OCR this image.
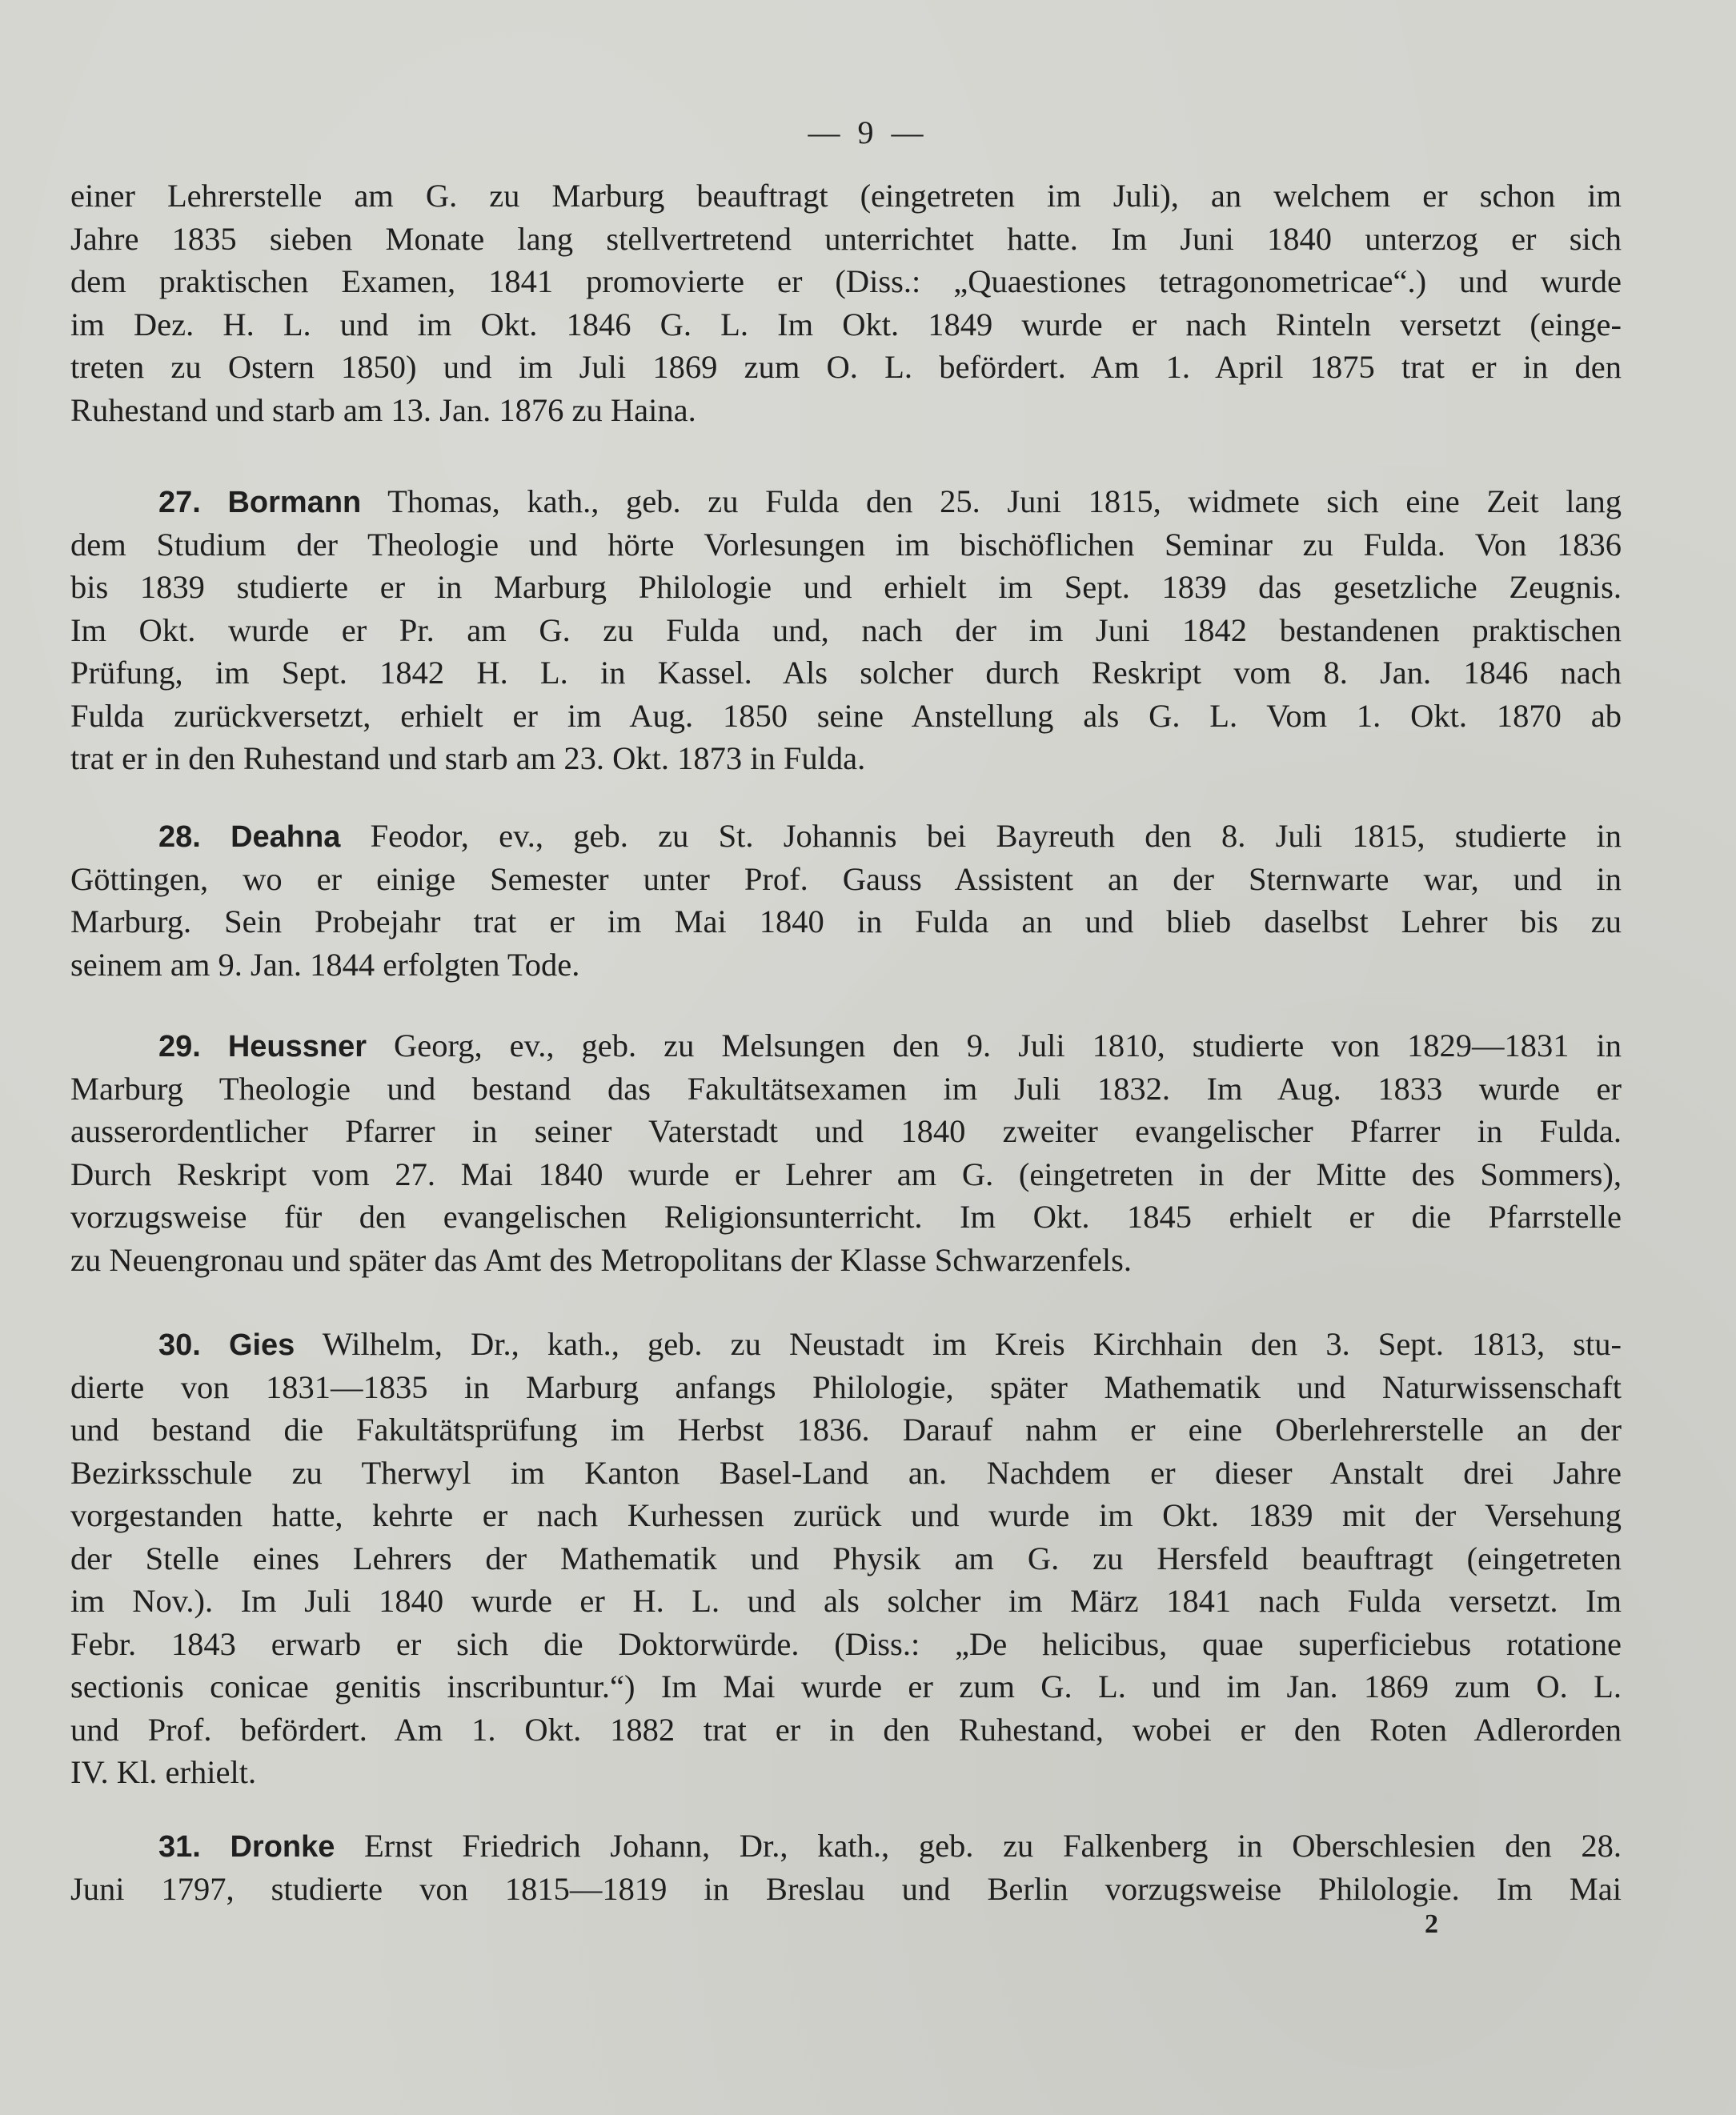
— 9 —
einer Lehrerstelle am G. zu Marburg beauftragt (eingetreten im Juli), an welchem er schon im
Jahre 1835 sieben Monate lang stellvertretend unterrichtet hatte. Im Juni 1840 unterzog er sich
dem praktischen Examen, 1841 promovierte er (Diss.: „Quaestiones tetragonometricae“.) und wurde
im Dez. H. L. und im Okt. 1846 G. L. Im Okt. 1849 wurde er nach Rinteln versetzt (einge-
treten zu Ostern 1850) und im Juli 1869 zum O. L. befördert. Am 1. April 1875 trat er in den
Ruhestand und starb am 13. Jan. 1876 zu Haina.
27. Bormann Thomas, kath., geb. zu Fulda den 25. Juni 1815, widmete sich eine Zeit lang
dem Studium der Theologie und hörte Vorlesungen im bischöflichen Seminar zu Fulda. Von 1836
bis 1839 studierte er in Marburg Philologie und erhielt im Sept. 1839 das gesetzliche Zeugnis.
Im Okt. wurde er Pr. am G. zu Fulda und, nach der im Juni 1842 bestandenen praktischen
Prüfung, im Sept. 1842 H. L. in Kassel. Als solcher durch Reskript vom 8. Jan. 1846 nach
Fulda zurückversetzt, erhielt er im Aug. 1850 seine Anstellung als G. L. Vom 1. Okt. 1870 ab
trat er in den Ruhestand und starb am 23. Okt. 1873 in Fulda.
28. Deahna Feodor, ev., geb. zu St. Johannis bei Bayreuth den 8. Juli 1815, studierte in
Göttingen, wo er einige Semester unter Prof. Gauss Assistent an der Sternwarte war, und in
Marburg. Sein Probejahr trat er im Mai 1840 in Fulda an und blieb daselbst Lehrer bis zu
seinem am 9. Jan. 1844 erfolgten Tode.
29. Heussner Georg, ev., geb. zu Melsungen den 9. Juli 1810, studierte von 1829—1831 in
Marburg Theologie und bestand das Fakultätsexamen im Juli 1832. Im Aug. 1833 wurde er
ausserordentlicher Pfarrer in seiner Vaterstadt und 1840 zweiter evangelischer Pfarrer in Fulda.
Durch Reskript vom 27. Mai 1840 wurde er Lehrer am G. (eingetreten in der Mitte des Sommers),
vorzugsweise für den evangelischen Religionsunterricht. Im Okt. 1845 erhielt er die Pfarrstelle
zu Neuengronau und später das Amt des Metropolitans der Klasse Schwarzenfels.
30. Gies Wilhelm, Dr., kath., geb. zu Neustadt im Kreis Kirchhain den 3. Sept. 1813, stu-
dierte von 1831—1835 in Marburg anfangs Philologie, später Mathematik und Naturwissenschaft
und bestand die Fakultätsprüfung im Herbst 1836. Darauf nahm er eine Oberlehrerstelle an der
Bezirksschule zu Therwyl im Kanton Basel-Land an. Nachdem er dieser Anstalt drei Jahre
vorgestanden hatte, kehrte er nach Kurhessen zurück und wurde im Okt. 1839 mit der Versehung
der Stelle eines Lehrers der Mathematik und Physik am G. zu Hersfeld beauftragt (eingetreten
im Nov.). Im Juli 1840 wurde er H. L. und als solcher im März 1841 nach Fulda versetzt. Im
Febr. 1843 erwarb er sich die Doktorwürde. (Diss.: „De helicibus, quae superficiebus rotatione
sectionis conicae genitis inscribuntur.“) Im Mai wurde er zum G. L. und im Jan. 1869 zum O. L.
und Prof. befördert. Am 1. Okt. 1882 trat er in den Ruhestand, wobei er den Roten Adlerorden
IV. Kl. erhielt.
31. Dronke Ernst Friedrich Johann, Dr., kath., geb. zu Falkenberg in Oberschlesien den 28.
Juni 1797, studierte von 1815—1819 in Breslau und Berlin vorzugsweise Philologie. Im Mai
2
